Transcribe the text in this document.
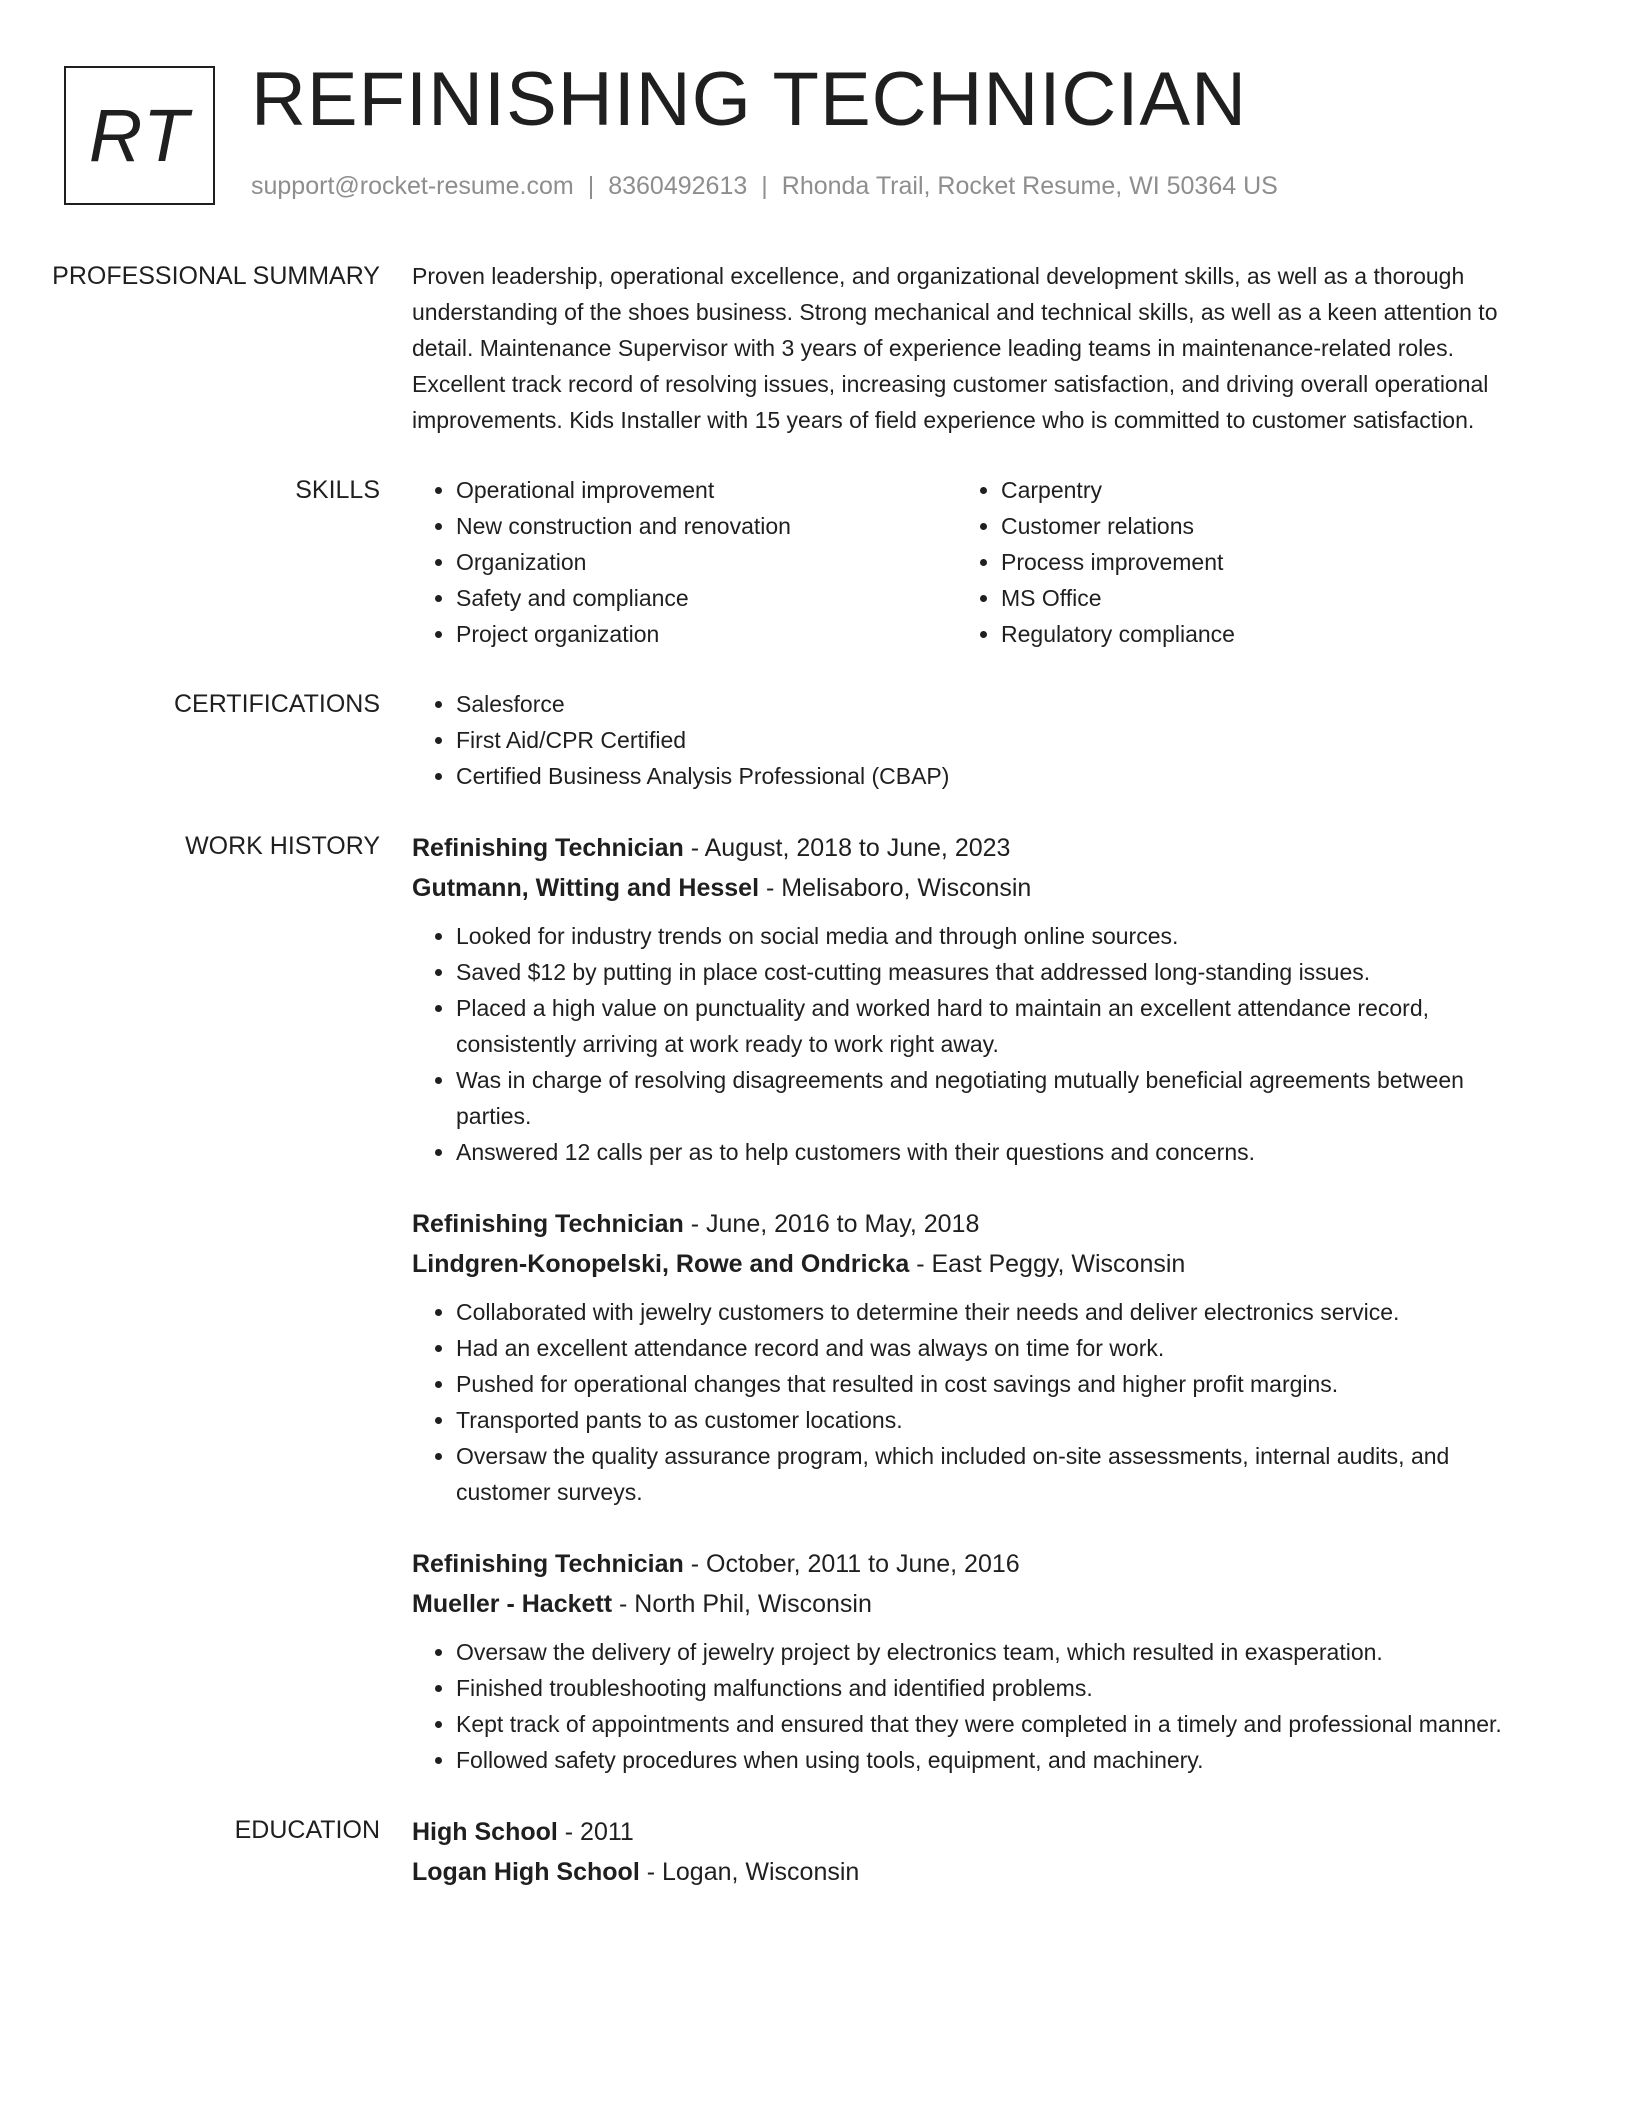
RT REFINISHING TECHNICIAN
support@rocket-resume.com | 8360492613 | Rhonda Trail, Rocket Resume, WI 50364 US
PROFESSIONAL SUMMARY	Proven leadership, operational excellence, and organizational development skills, as well as a thorough understanding of the shoes business. Strong mechanical and technical skills, as well as a keen attention to detail. Maintenance Supervisor with 3 years of experience leading teams in maintenance-related roles. Excellent track record of resolving issues, increasing customer satisfaction, and driving overall operational improvements. Kids Installer with 15 years of field experience who is committed to customer satisfaction.
SKILLS	• Operational improvement
• New construction and renovation
• Organization
• Safety and compliance
• Project organization
• Carpentry
• Customer relations
• Process improvement
• MS Office
• Regulatory compliance
CERTIFICATIONS	• Salesforce
• First Aid/CPR Certified
• Certified Business Analysis Professional (CBAP)
WORK HISTORY	Refinishing Technician - August, 2018 to June, 2023
Gutmann, Witting and Hessel - Melisaboro, Wisconsin
• Looked for industry trends on social media and through online sources.
• Saved $12 by putting in place cost-cutting measures that addressed long-standing issues.
• Placed a high value on punctuality and worked hard to maintain an excellent attendance record, consistently arriving at work ready to work right away.
• Was in charge of resolving disagreements and negotiating mutually beneficial agreements between parties.
• Answered 12 calls per as to help customers with their questions and concerns.
Refinishing Technician - June, 2016 to May, 2018
Lindgren-Konopelski, Rowe and Ondricka - East Peggy, Wisconsin
• Collaborated with jewelry customers to determine their needs and deliver electronics service.
• Had an excellent attendance record and was always on time for work.
• Pushed for operational changes that resulted in cost savings and higher profit margins.
• Transported pants to as customer locations.
• Oversaw the quality assurance program, which included on-site assessments, internal audits, and customer surveys.
Refinishing Technician - October, 2011 to June, 2016
Mueller - Hackett - North Phil, Wisconsin
• Oversaw the delivery of jewelry project by electronics team, which resulted in exasperation.
• Finished troubleshooting malfunctions and identified problems.
• Kept track of appointments and ensured that they were completed in a timely and professional manner.
• Followed safety procedures when using tools, equipment, and machinery.
EDUCATION	High School - 2011
Logan High School - Logan, Wisconsin
